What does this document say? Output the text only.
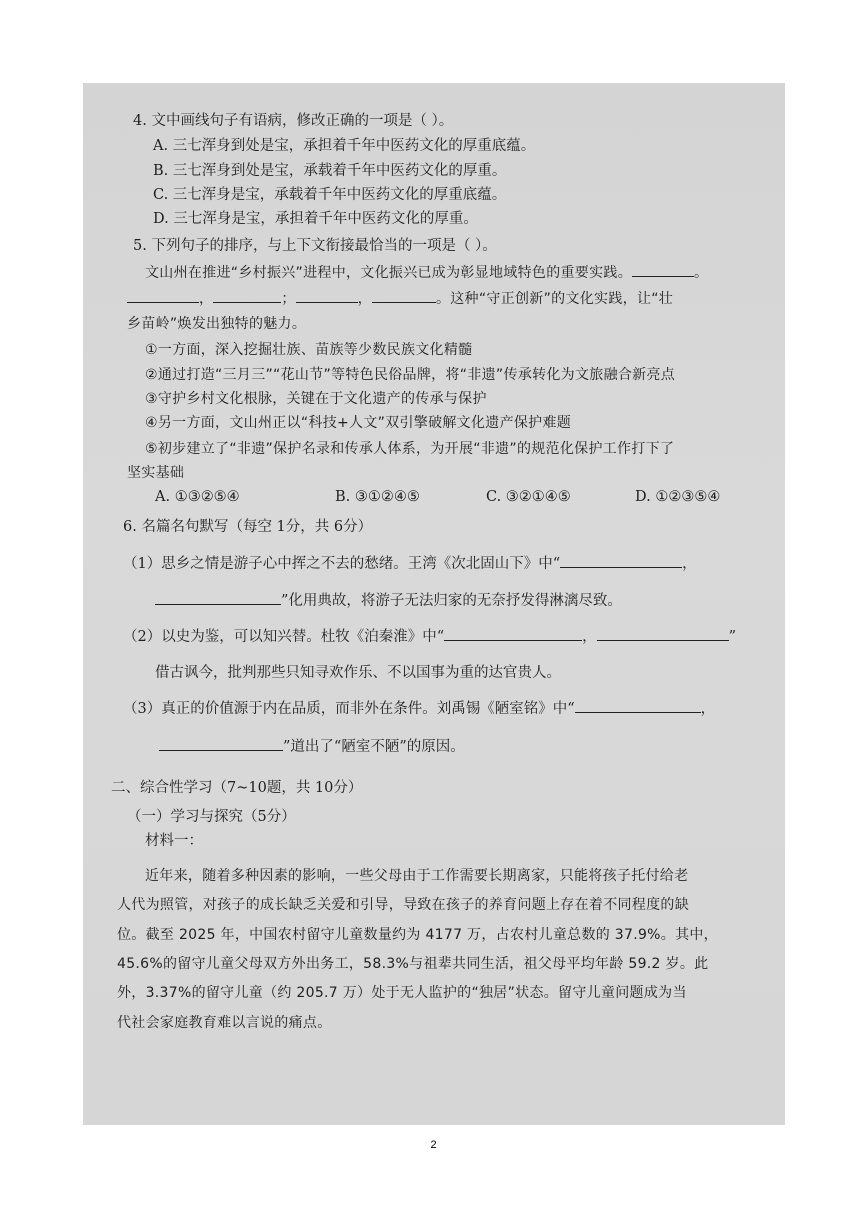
4. 文中画线句子有语病，修改正确的一项是（ ）。
A. 三七浑身到处是宝，承担着千年中医药文化的厚重底蕴。
B. 三七浑身到处是宝，承载着千年中医药文化的厚重。
C. 三七浑身是宝，承载着千年中医药文化的厚重底蕴。
D. 三七浑身是宝，承担着千年中医药文化的厚重。
5. 下列句子的排序，与上下文衔接最恰当的一项是（ ）。
文山州在推进“乡村振兴”进程中，文化振兴已成为彰显地域特色的重要实践。	。
，	；	，	。这种“守正创新”的文化实践，让“壮
乡苗岭”焕发出独特的魅力。
①一方面，深入挖掘壮族、苗族等少数民族文化精髓
②通过打造“三月三”“花山节”等特色民俗品牌，将“非遗”传承转化为文旅融合新亮点
③守护乡村文化根脉，关键在于文化遗产的传承与保护
④另一方面，文山州正以“科技+人文”双引擎破解文化遗产保护难题
⑤初步建立了“非遗”保护名录和传承人体系，为开展“非遗”的规范化保护工作打下了
坚实基础
A. ①③②⑤④	B. ③①②④⑤	C. ③②①④⑤	D. ①②③⑤④
6. 名篇名句默写（每空 1分，共 6分）
（1）思乡之情是游子心中挥之不去的愁绪。王湾《次北固山下》中“	，
”化用典故，将游子无法归家的无奈抒发得淋漓尽致。
（2）以史为鉴，可以知兴替。杜牧《泊秦淮》中“	，	”
借古讽今，批判那些只知寻欢作乐、不以国事为重的达官贵人。
（3）真正的价值源于内在品质，而非外在条件。刘禹锡《陋室铭》中“	，
”道出了“陋室不陋”的原因。
二、综合性学习（7~10题，共 10分）
（一）学习与探究（5分）
材料一：
近年来，随着多种因素的影响，一些父母由于工作需要长期离家，只能将孩子托付给老
人代为照管，对孩子的成长缺乏关爱和引导，导致在孩子的养育问题上存在着不同程度的缺
位。截至 2025 年，中国农村留守儿童数量约为 4177 万，占农村儿童总数的 37.9%。其中，
45.6%的留守儿童父母双方外出务工，58.3%与祖辈共同生活，祖父母平均年龄 59.2 岁。此
外，3.37%的留守儿童（约 205.7 万）处于无人监护的“独居”状态。留守儿童问题成为当
代社会家庭教育难以言说的痛点。
2
